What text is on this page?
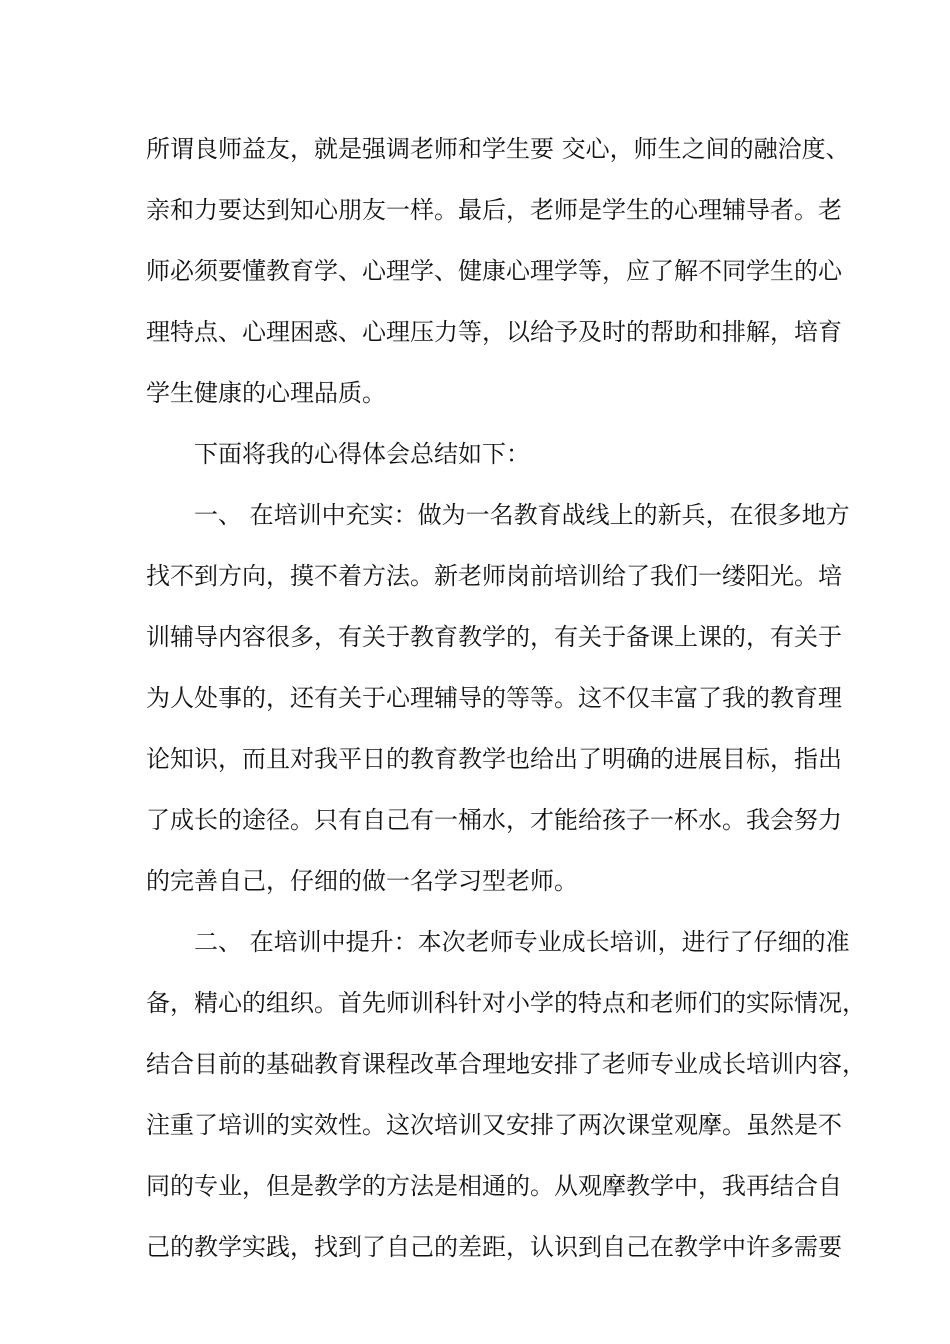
所谓良师益友，就是强调老师和学生要 交心，师生之间的融洽度、
亲和力要达到知心朋友一样。最后，老师是学生的心理辅导者。老
师必须要懂教育学、心理学、健康心理学等，应了解不同学生的心
理特点、心理困惑、心理压力等，以给予及时的帮助和排解，培育
学生健康的心理品质。
下面将我的心得体会总结如下：
一、 在培训中充实：做为一名教育战线上的新兵，在很多地方
找不到方向，摸不着方法。新老师岗前培训给了我们一缕阳光。培
训辅导内容很多，有关于教育教学的，有关于备课上课的，有关于
为人处事的，还有关于心理辅导的等等。这不仅丰富了我的教育理
论知识，而且对我平日的教育教学也给出了明确的进展目标，指出
了成长的途径。只有自己有一桶水，才能给孩子一杯水。我会努力
的完善自己，仔细的做一名学习型老师。
二、 在培训中提升：本次老师专业成长培训，进行了仔细的准
备，精心的组织。首先师训科针对小学的特点和老师们的实际情况，
结合目前的基础教育课程改革合理地安排了老师专业成长培训内容，
注重了培训的实效性。这次培训又安排了两次课堂观摩。虽然是不
同的专业，但是教学的方法是相通的。从观摩教学中，我再结合自
己的教学实践，找到了自己的差距，认识到自己在教学中许多需要
